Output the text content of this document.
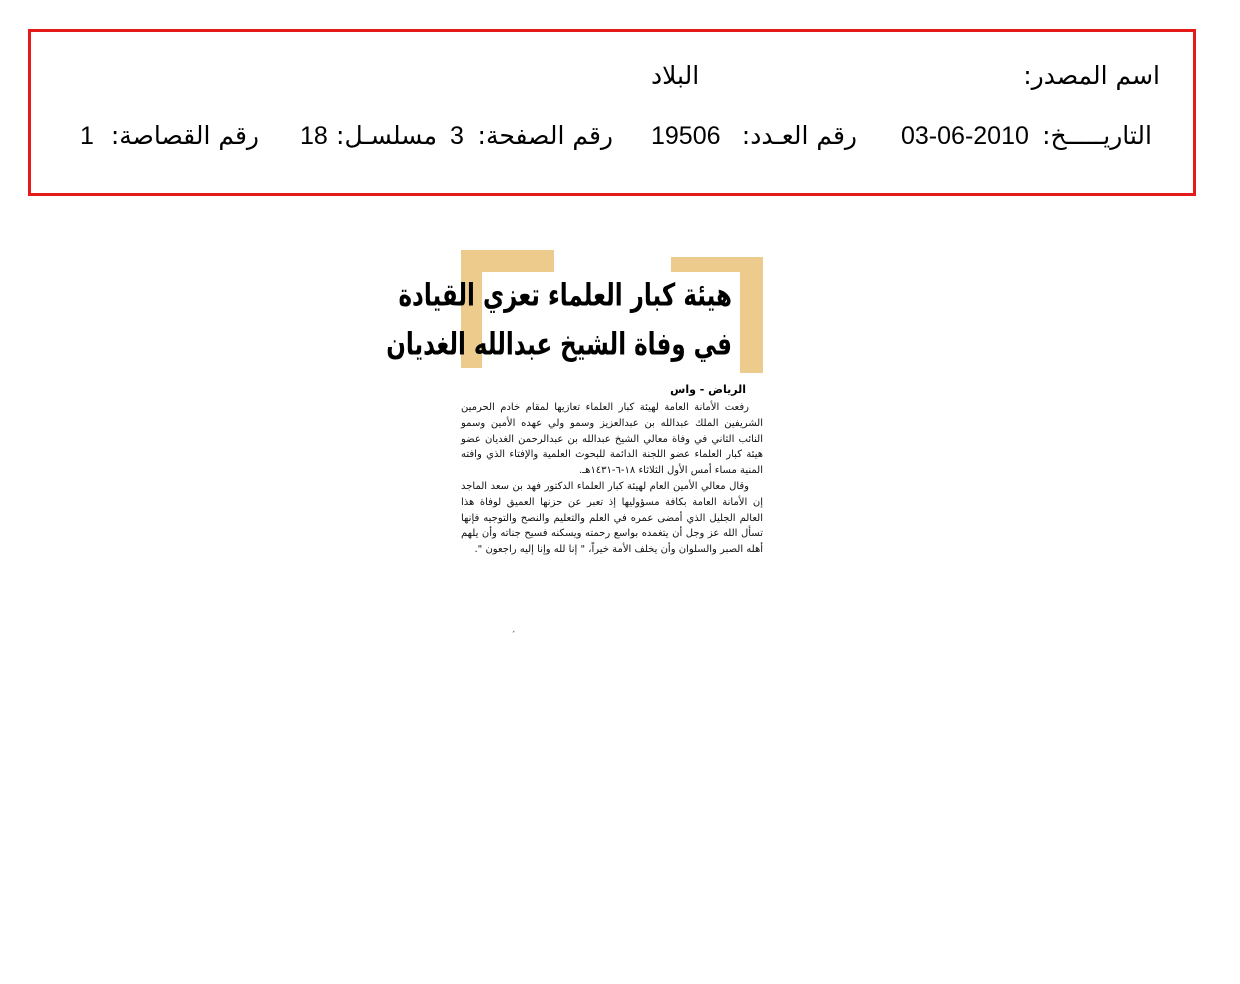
اسم المصدر:
البلاد
التاريـــــخ:
03-06-2010
رقم العـدد:
19506
رقم الصفحة:
3
مسلسـل:
18
رقم القصاصة:
1
هيئة كبار العلماء تعزي القيادة
في وفاة الشيخ عبدالله الغديان
الرياض - واس

رفعت الأمانة العامة لهيئة كبار العلماء تعازيها لمقام خادم الحرمين الشريفين الملك عبدالله بن عبدالعزيز وسمو ولي عهده الأمين وسمو النائب الثاني في وفاة معالي الشيخ عبدالله بن عبدالرحمن الغديان عضو هيئة كبار العلماء عضو اللجنة الدائمة للبحوث العلمية والإفتاء الذي وافته المنية مساء أمس الأول الثلاثاء ١٨-٦-١٤٣١هـ.

وقال معالي الأمين العام لهيئة كبار العلماء الدكتور فهد بن سعد الماجد إن الأمانة العامة بكافة مسؤوليها إذ تعبر عن حزنها العميق لوفاة هذا العالم الجليل الذي أمضى عمره في العلم والتعليم والنصح والتوجيه فإنها تسأل الله عز وجل أن يتغمده بواسع رحمته ويسكنه فسيح جناته وأن يلهم أهله الصبر والسلوان وأن يخلف الأمة خيراً، " إنا لله وإنا إليه راجعون ".

´
